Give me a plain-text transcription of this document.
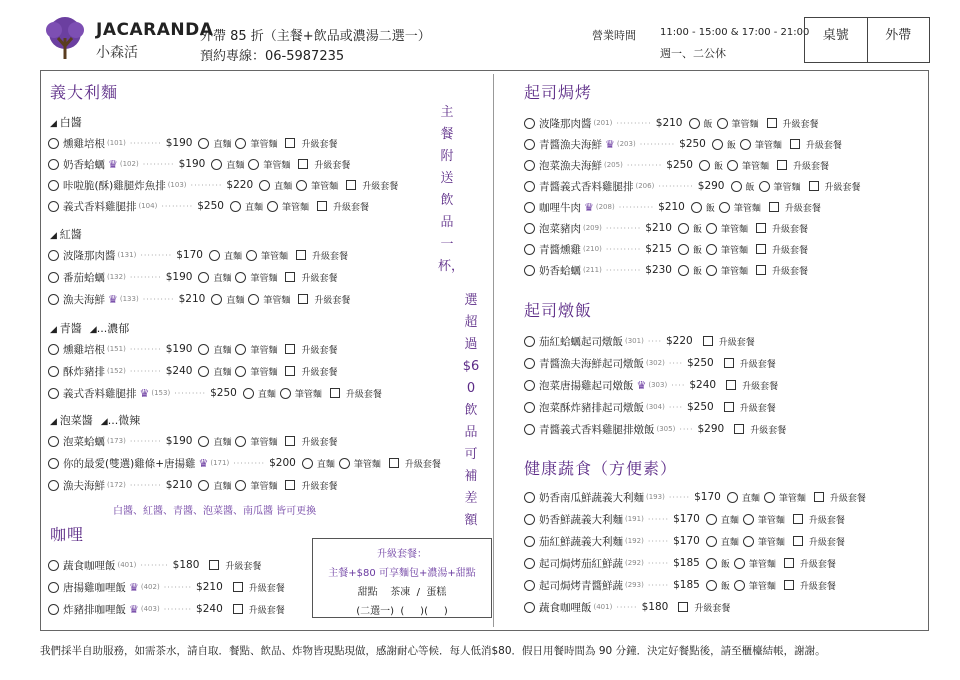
JACARANDA
小森活
外帶 85 折（主餐+飲品或濃湯二選一）
預約專線：06-5987235
營業時間 11:00 - 15:00 & 17:00 - 21:00
週一、二公休
桌號	外帶
義大利麵
◢ 白醬
燻雞培根 (101) ········· $190 直麵 筆管麵	升級套餐
奶香蛤蠣 ♛ (102) ········· $190 直麵 筆管麵	升級套餐
咔啦脆(酥)雞腿炸魚排 (103) ········· $220 直麵 筆管麵	升級套餐
義式香料雞腿排 (104) ········· $250 直麵 筆管麵	升級套餐
◢ 紅醬
波隆那肉醬 (131) ········· $170 直麵 筆管麵	升級套餐
番茄蛤蠣 (132) ········· $190 直麵 筆管麵	升級套餐
漁夫海鮮 ♛ (133) ········· $210 直麵 筆管麵	升級套餐
◢ 青醬 ◢...濃郁
燻雞培根 (151) ········· $190 直麵 筆管麵	升級套餐
酥炸豬排 (152) ········· $240 直麵 筆管麵	升級套餐
義式香料雞腿排 ♛ (153) ········· $250 直麵 筆管麵	升級套餐
◢ 泡菜醬 ◢...微辣
泡菜蛤蠣 (173) ········· $190 直麵 筆管麵	升級套餐
你的最愛(雙選)雞條+唐揚雞 ♛ (171) ········· $200 直麵 筆管麵	升級套餐
漁夫海鮮 (172) ········· $210 直麵 筆管麵	升級套餐
主餐附送飲品一杯，
選超過$60飲品可補差額
白醬、紅醬、青醬、泡菜醬、南瓜醬 皆可更換
咖哩
蔬食咖哩飯 (401) ········ $180	升級套餐
唐揚雞咖哩飯 ♛ (402) ········ $210	升級套餐
炸豬排咖哩飯 ♛ (403) ········ $240	升級套餐
升級套餐：
主餐+$80 可享麵包+濃湯+甜點
甜點    茶凍  /  蛋糕
(二選一)  (     )(     )
起司焗烤
波隆那肉醬 (201) ·········· $210 飯 筆管麵	升級套餐
青醬漁夫海鮮 ♛ (203) ·········· $250 飯 筆管麵	升級套餐
泡菜漁夫海鮮 (205) ·········· $250 飯 筆管麵	升級套餐
青醬義式香料雞腿排 (206) ·········· $290 飯 筆管麵	升級套餐
咖哩牛肉 ♛ (208) ·········· $210 飯 筆管麵	升級套餐
泡菜豬肉 (209) ·········· $210 飯 筆管麵	升級套餐
青醬燻雞 (210) ·········· $215 飯 筆管麵	升級套餐
奶香蛤蠣 (211) ·········· $230 飯 筆管麵	升級套餐
起司燉飯
茄紅蛤蠣起司燉飯 (301) ···· $220	升級套餐
青醬漁夫海鮮起司燉飯 (302) ···· $250	升級套餐
泡菜唐揚雞起司燉飯 ♛ (303) ···· $240	升級套餐
泡菜酥炸豬排起司燉飯 (304) ···· $250	升級套餐
青醬義式香料雞腿排燉飯 (305) ···· $290	升級套餐
健康蔬食（方便素）
奶香南瓜鮮蔬義大利麵 (193) ······ $170 直麵 筆管麵	升級套餐
奶香鮮蔬義大利麵 (191) ······ $170 直麵 筆管麵	升級套餐
茄紅鮮蔬義大利麵 (192) ······ $170 直麵 筆管麵	升級套餐
起司焗烤茄紅鮮蔬 (292) ······ $185 飯 筆管麵	升級套餐
起司焗烤青醬鮮蔬 (293) ······ $185 飯 筆管麵	升級套餐
蔬食咖哩飯 (401) ······ $180	升級套餐
我們採半自助服務，如需茶水，請自取．餐點、飲品、炸物皆現點現做，感謝耐心等候．每人低消$80．假日用餐時間為 90 分鐘．決定好餐點後，請至櫃檯結帳，謝謝。
